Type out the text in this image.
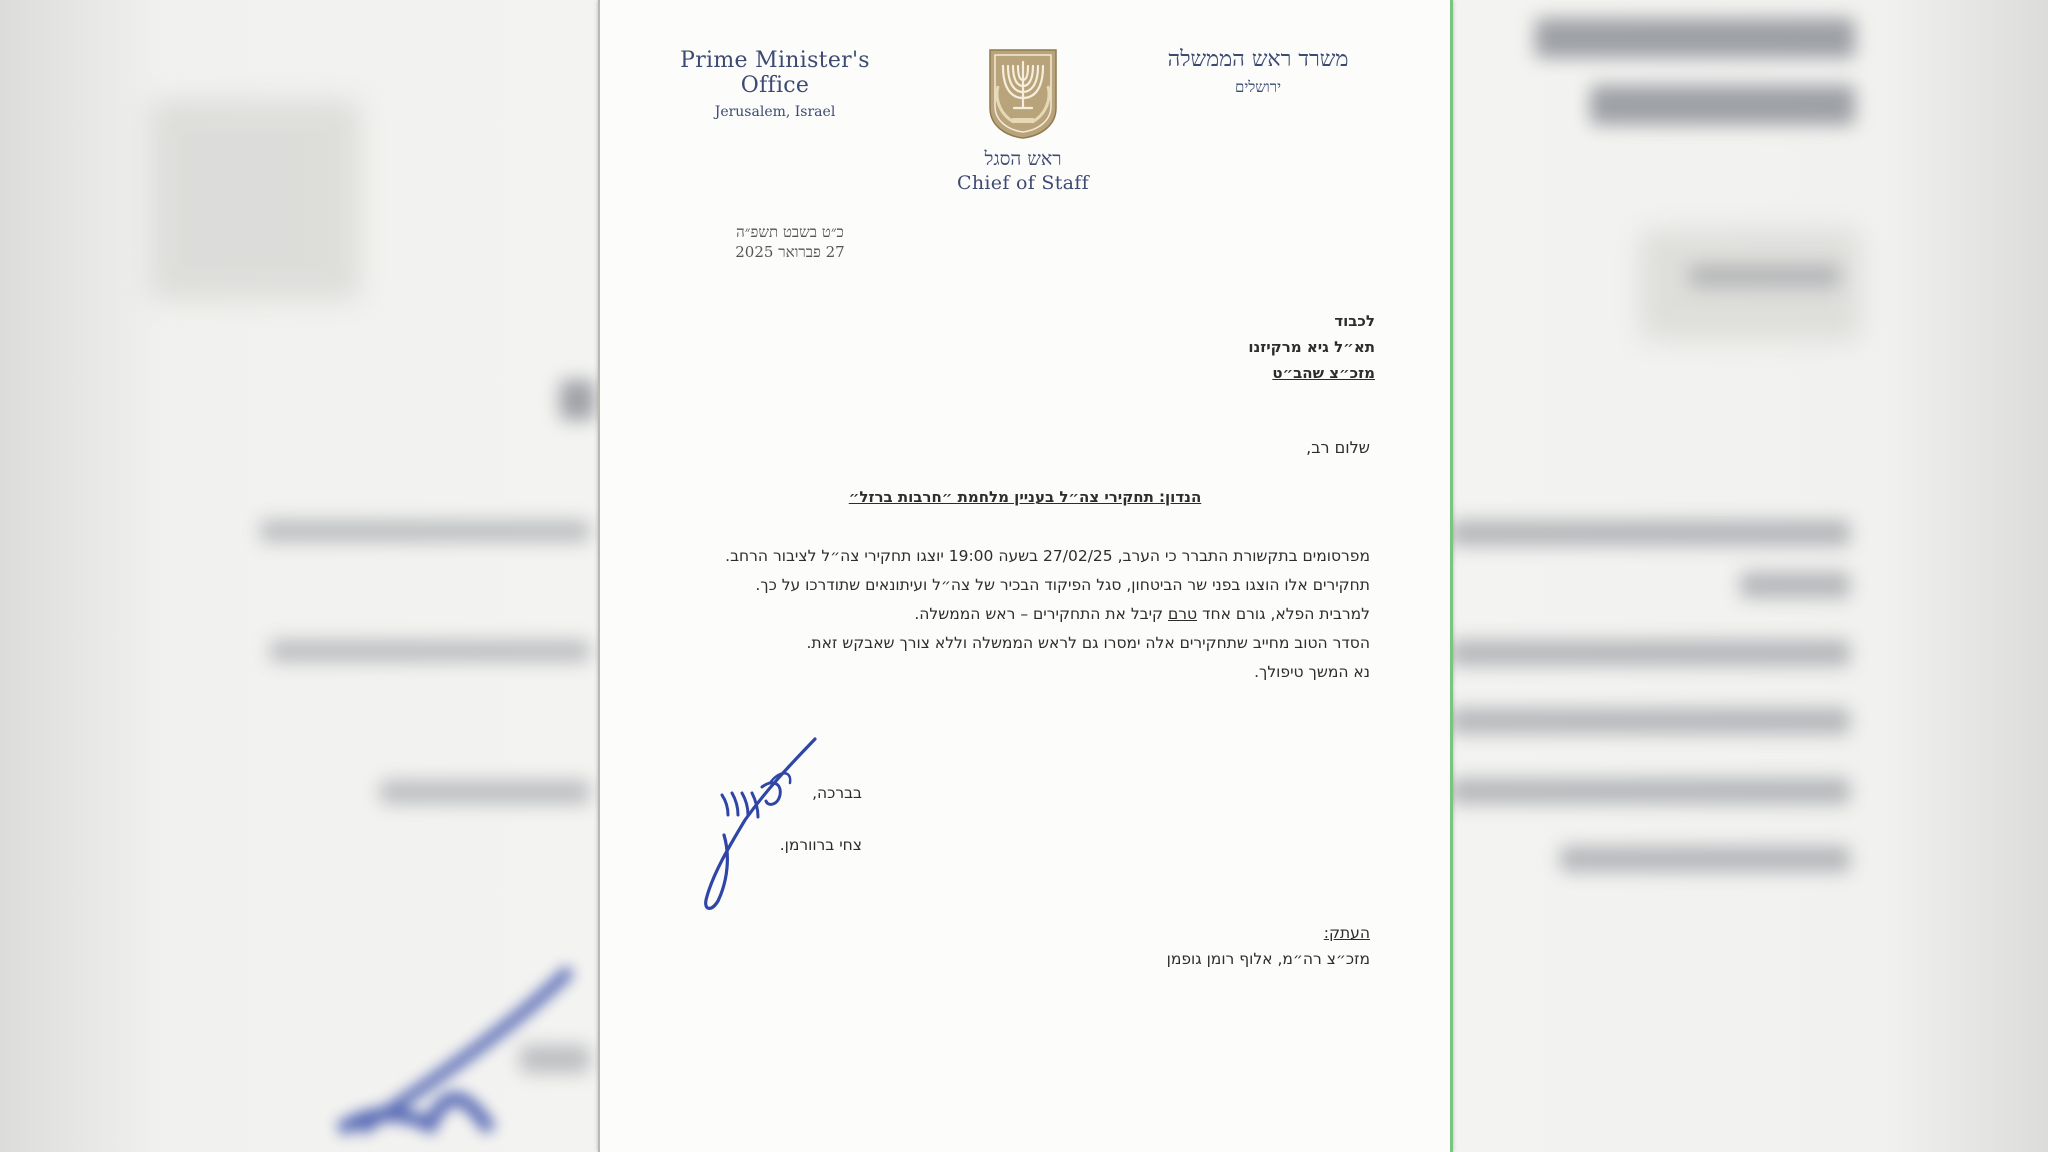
Prime Minister's Office
Jerusalem, Israel
משרד ראש הממשלה
ירושלים
ראש הסגל
Chief of Staff
כ״ט בשבט תשפ״ה
27 פברואר 2025
לכבוד
תא״ל גיא מרקיזנו
מזכ״צ שהב״ט
שלום רב,
הנדון: תחקירי צה״ל בעניין מלחמת ״חרבות ברזל״
מפרסומים בתקשורת התברר כי הערב, 27/02/25 בשעה 19:00 יוצגו תחקירי צה״ל לציבור הרחב.
תחקירים אלו הוצגו בפני שר הביטחון, סגל הפיקוד הבכיר של צה״ל ועיתונאים שתודרכו על כך.
למרבית הפלא, גורם אחד טרם קיבל את התחקירים – ראש הממשלה.
הסדר הטוב מחייב שתחקירים אלה ימסרו גם לראש הממשלה וללא צורך שאבקש זאת.
נא המשך טיפולך.
בברכה,
צחי ברוורמן.
העתק:
מזכ״צ רה״מ, אלוף רומן גופמן
